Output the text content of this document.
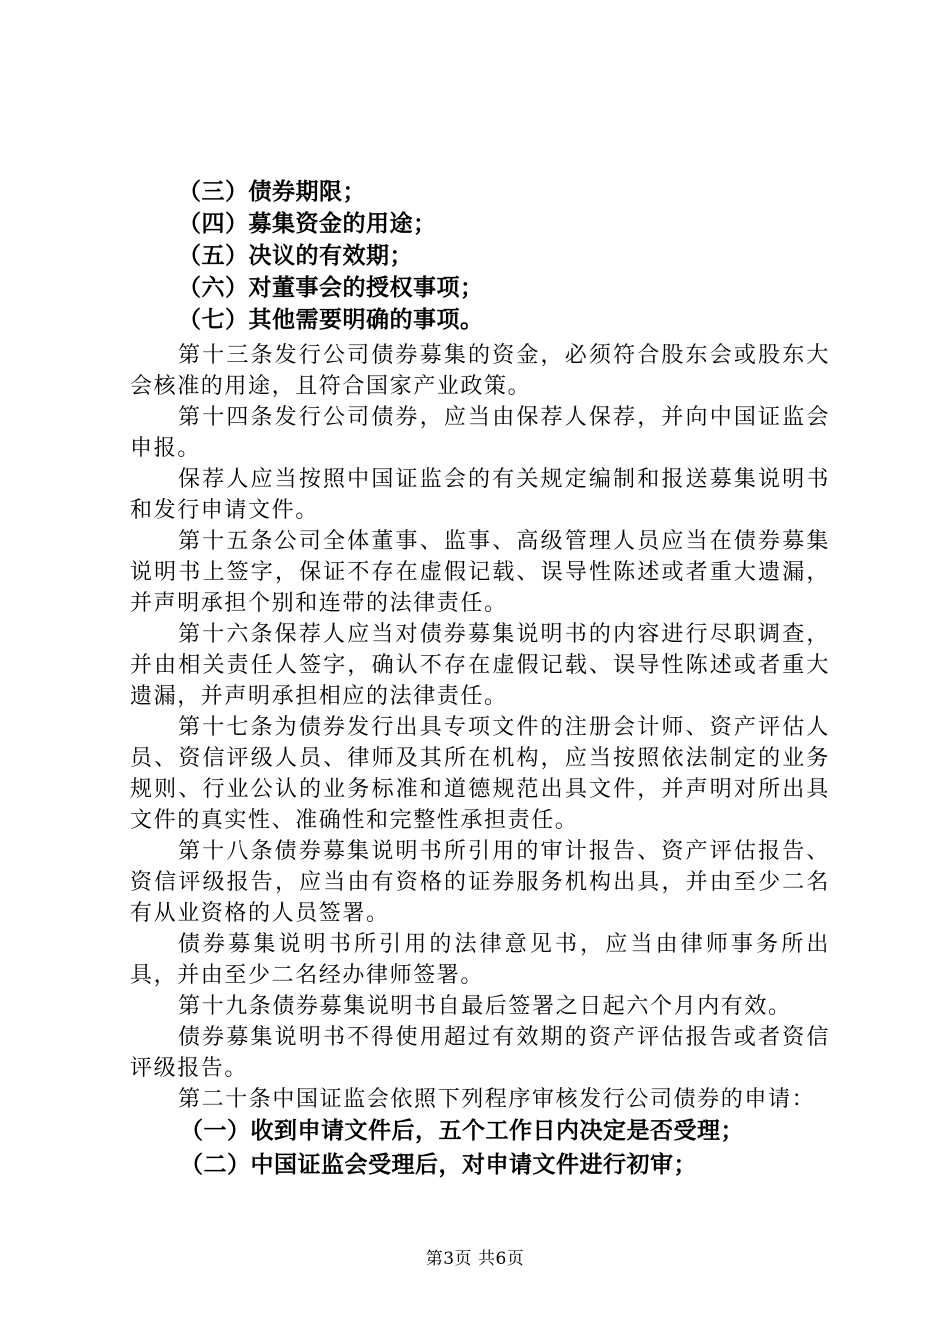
（三）债券期限；
（四）募集资金的用途；
（五）决议的有效期；
（六）对董事会的授权事项；
（七）其他需要明确的事项。

第十三条发行公司债券募集的资金，必须符合股东会或股东大会核准的用途，且符合国家产业政策。

第十四条发行公司债券，应当由保荐人保荐，并向中国证监会申报。

保荐人应当按照中国证监会的有关规定编制和报送募集说明书和发行申请文件。

第十五条公司全体董事、监事、高级管理人员应当在债券募集说明书上签字，保证不存在虚假记载、误导性陈述或者重大遗漏，并声明承担个别和连带的法律责任。

第十六条保荐人应当对债券募集说明书的内容进行尽职调查，并由相关责任人签字，确认不存在虚假记载、误导性陈述或者重大遗漏，并声明承担相应的法律责任。

第十七条为债券发行出具专项文件的注册会计师、资产评估人员、资信评级人员、律师及其所在机构，应当按照依法制定的业务规则、行业公认的业务标准和道德规范出具文件，并声明对所出具文件的真实性、准确性和完整性承担责任。

第十八条债券募集说明书所引用的审计报告、资产评估报告、资信评级报告，应当由有资格的证券服务机构出具，并由至少二名有从业资格的人员签署。

债券募集说明书所引用的法律意见书，应当由律师事务所出具，并由至少二名经办律师签署。

第十九条债券募集说明书自最后签署之日起六个月内有效。

债券募集说明书不得使用超过有效期的资产评估报告或者资信评级报告。

第二十条中国证监会依照下列程序审核发行公司债券的申请：

（一）收到申请文件后，五个工作日内决定是否受理；
（二）中国证监会受理后，对申请文件进行初审；
第3页 共6页
